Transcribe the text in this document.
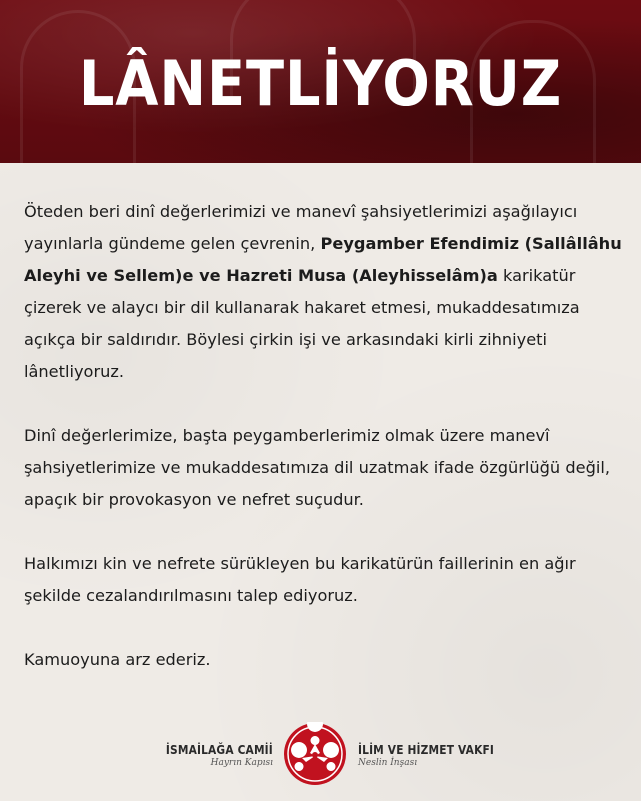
LÂNETLİYORUZ

Öteden beri dinî değerlerimizi ve manevî şahsiyetlerimizi aşağılayıcı yayınlarla gündeme gelen çevrenin, Peygamber Efendimiz (Sallâllâhu Aleyhi ve Sellem)e ve Hazreti Musa (Aleyhisselâm)a karikatür çizerek ve alaycı bir dil kullanarak hakaret etmesi, mukaddesatımıza açıkça bir saldırıdır. Böylesi çirkin işi ve arkasındaki kirli zihniyeti lânetliyoruz.

Dinî değerlerimize, başta peygamberlerimiz olmak üzere manevî şahsiyetlerimize ve mukaddesatımıza dil uzatmak ifade özgürlüğü değil, apaçık bir provokasyon ve nefret suçudur.

Halkımızı kin ve nefrete sürükleyen bu karikatürün faillerinin en ağır şekilde cezalandırılmasını talep ediyoruz.

Kamuoyuna arz ederiz.

İSMAİLAĞA CAMİİ
Hayrın Kapısı
İLİM VE HİZMET VAKFI
Neslin İnşası
